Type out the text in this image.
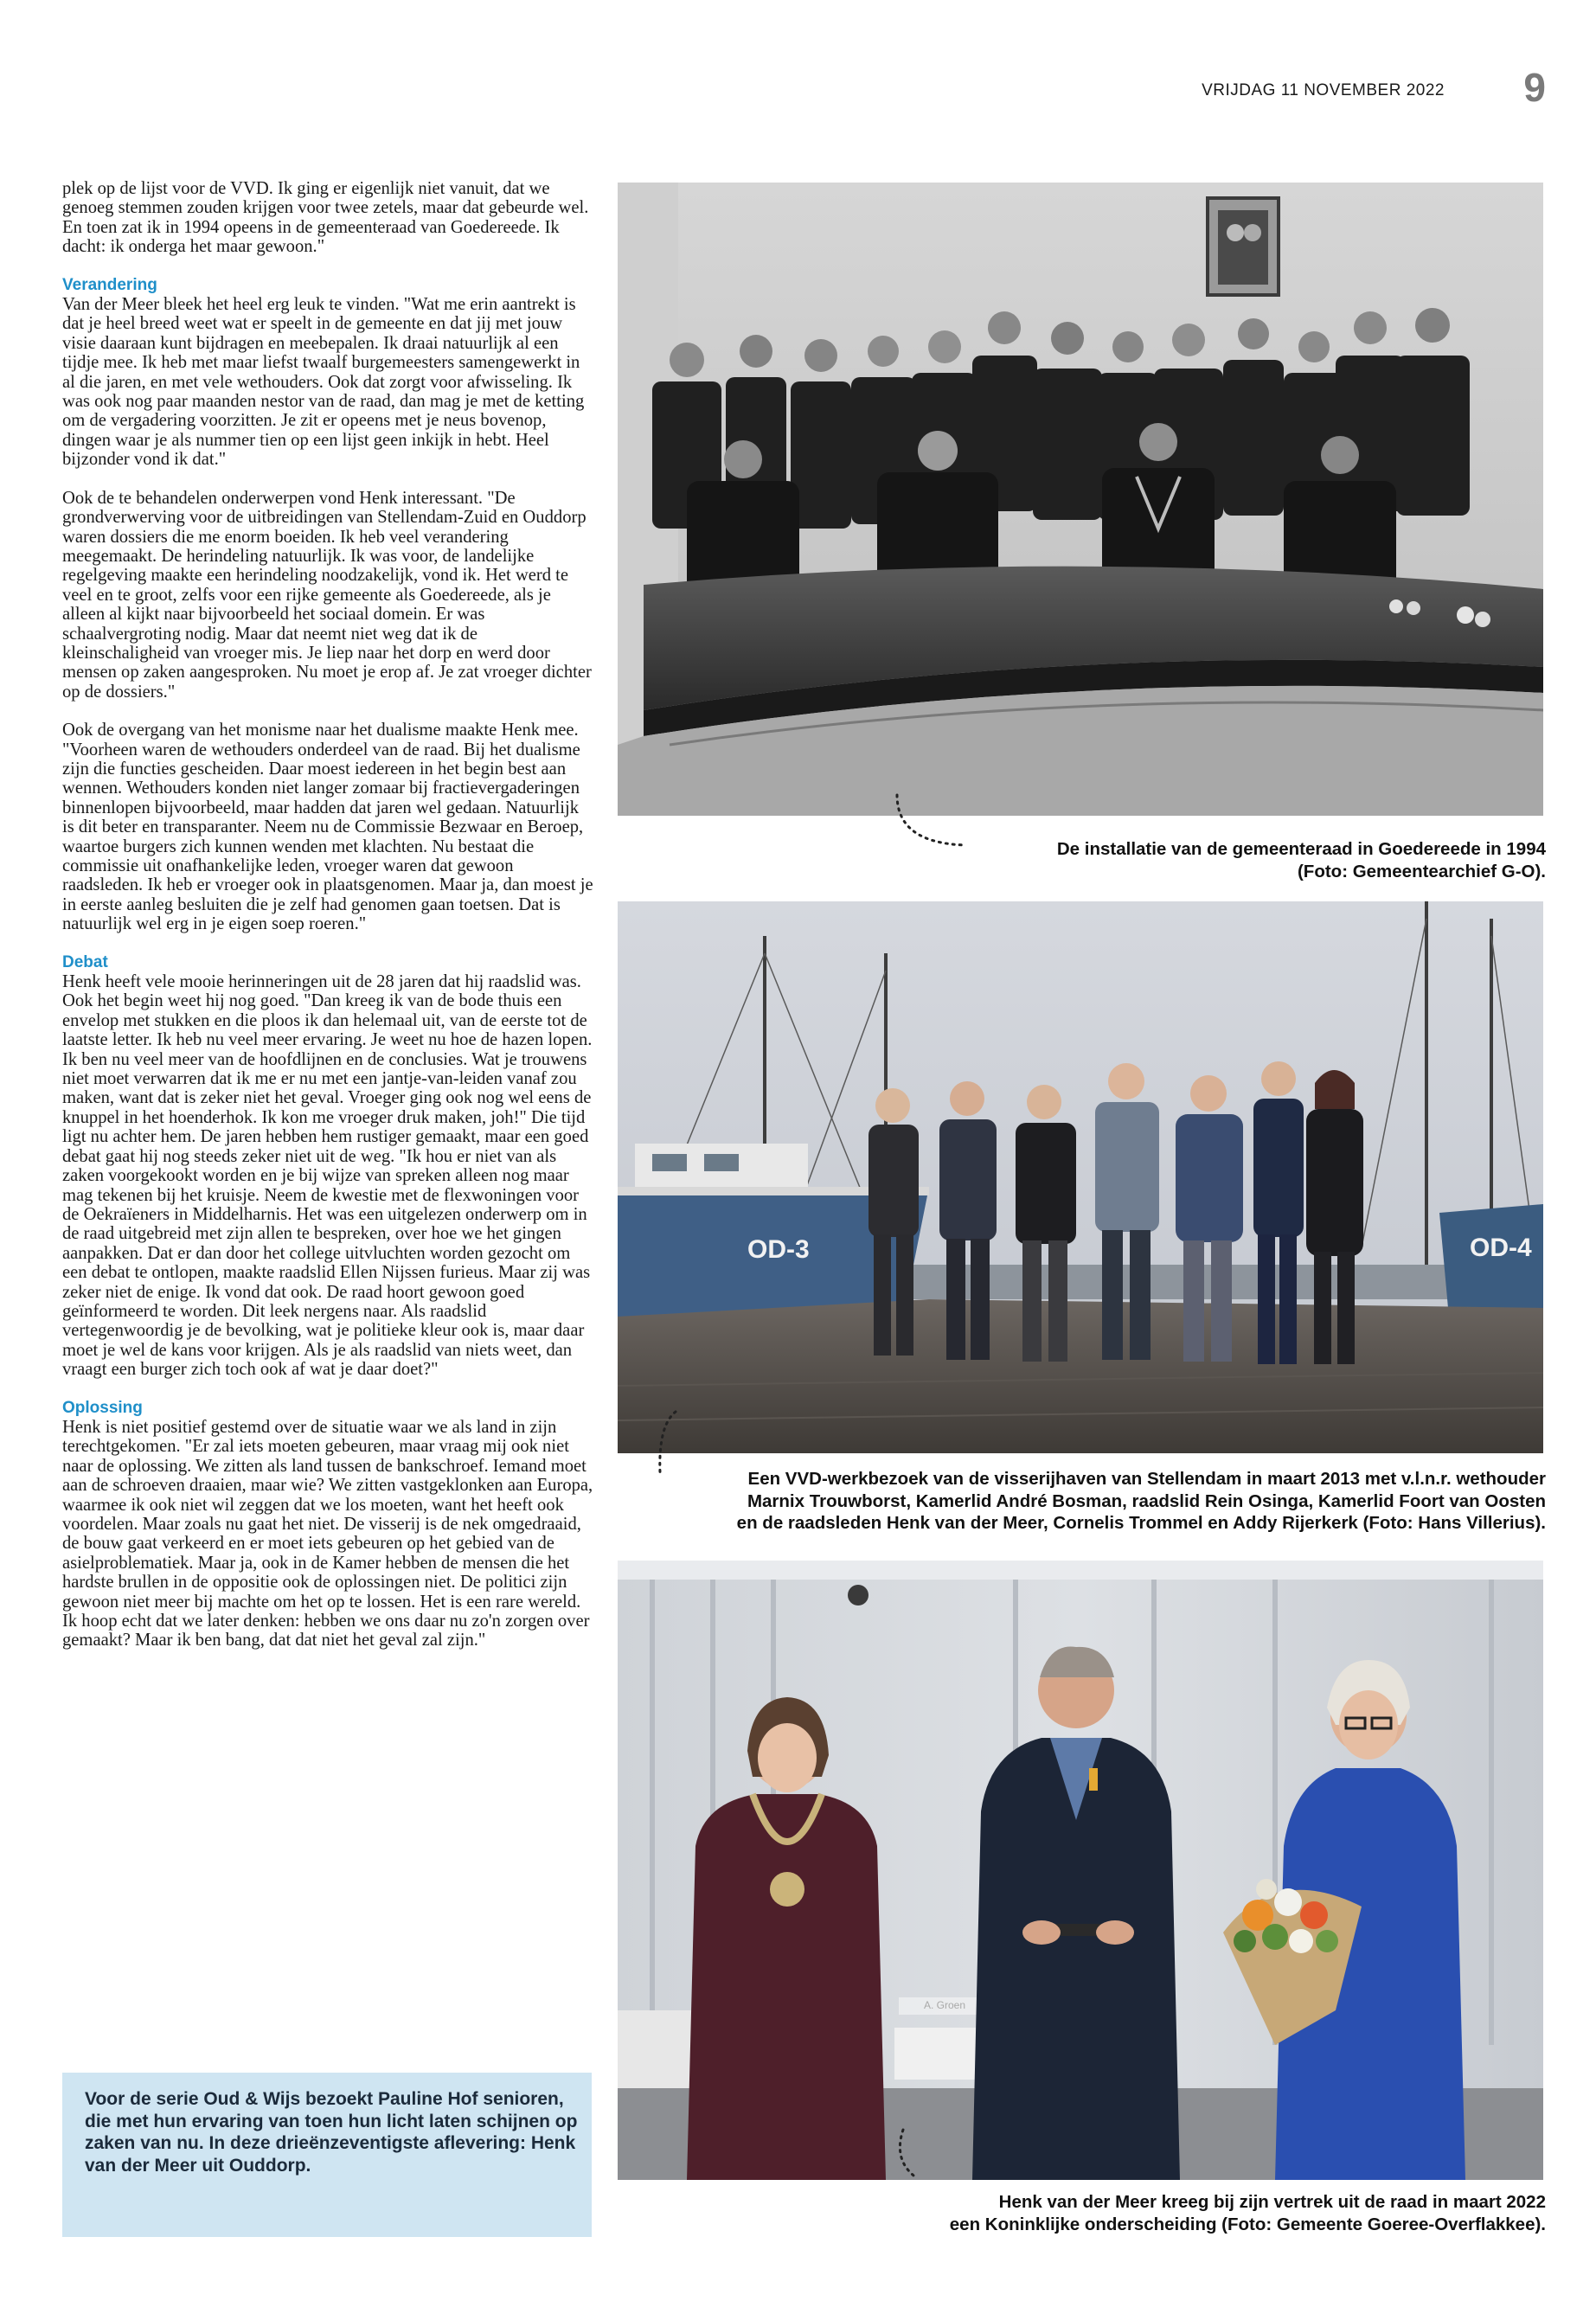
VRIJDAG 11 NOVEMBER 2022 9

plek op de lijst voor de VVD. Ik ging er eigenlijk niet vanuit, dat we genoeg stemmen zouden krijgen voor twee zetels, maar dat gebeurde wel. En toen zat ik in 1994 opeens in de gemeenteraad van Goedereede. Ik dacht: ik onderga het maar gewoon."

Verandering

Van der Meer bleek het heel erg leuk te vinden. "Wat me erin aantrekt is dat je heel breed weet wat er speelt in de gemeente en dat jij met jouw visie daaraan kunt bijdragen en meebepalen. Ik draai natuurlijk al een tijdje mee. Ik heb met maar liefst twaalf burgemeesters samengewerkt in al die jaren, en met vele wethouders. Ook dat zorgt voor afwisseling. Ik was ook nog paar maanden nestor van de raad, dan mag je met de ketting om de vergadering voorzitten. Je zit er opeens met je neus bovenop, dingen waar je als nummer tien op een lijst geen inkijk in hebt. Heel bijzonder vond ik dat."

Ook de te behandelen onderwerpen vond Henk interessant. "De grondverwerving voor de uitbreidingen van Stellendam-Zuid en Ouddorp waren dossiers die me enorm boeiden. Ik heb veel verandering meegemaakt. De herindeling natuurlijk. Ik was voor, de landelijke regelgeving maakte een herindeling noodzakelijk, vond ik. Het werd te veel en te groot, zelfs voor een rijke gemeente als Goedereede, als je alleen al kijkt naar bijvoorbeeld het sociaal domein. Er was schaalvergroting nodig. Maar dat neemt niet weg dat ik de kleinschaligheid van vroeger mis. Je liep naar het dorp en werd door mensen op zaken aangesproken. Nu moet je erop af. Je zat vroeger dichter op de dossiers."

Ook de overgang van het monisme naar het dualisme maakte Henk mee. "Voorheen waren de wethouders onderdeel van de raad. Bij het dualisme zijn die functies gescheiden. Daar moest iedereen in het begin best aan wennen. Wethouders konden niet langer zomaar bij fractievergaderingen binnenlopen bijvoorbeeld, maar hadden dat jaren wel gedaan. Natuurlijk is dit beter en transparanter. Neem nu de Commissie Bezwaar en Beroep, waartoe burgers zich kunnen wenden met klachten. Nu bestaat die commissie uit onafhankelijke leden, vroeger waren dat gewoon raadsleden. Ik heb er vroeger ook in plaatsgenomen. Maar ja, dan moest je in eerste aanleg besluiten die je zelf had genomen gaan toetsen. Dat is natuurlijk wel erg in je eigen soep roeren."

Debat

Henk heeft vele mooie herinneringen uit de 28 jaren dat hij raadslid was. Ook het begin weet hij nog goed. "Dan kreeg ik van de bode thuis een envelop met stukken en die ploos ik dan helemaal uit, van de eerste tot de laatste letter. Ik heb nu veel meer ervaring. Je weet nu hoe de hazen lopen. Ik ben nu veel meer van de hoofdlijnen en de conclusies. Wat je trouwens niet moet verwarren dat ik me er nu met een jantje-van-leiden vanaf zou maken, want dat is zeker niet het geval. Vroeger ging ook nog wel eens de knuppel in het hoenderhok. Ik kon me vroeger druk maken, joh!" Die tijd ligt nu achter hem. De jaren hebben hem rustiger gemaakt, maar een goed debat gaat hij nog steeds zeker niet uit de weg. "Ik hou er niet van als zaken voorgekookt worden en je bij wijze van spreken alleen nog maar mag tekenen bij het kruisje. Neem de kwestie met de flexwoningen voor de Oekraïeners in Middelharnis. Het was een uitgelezen onderwerp om in de raad uitgebreid met zijn allen te bespreken, over hoe we het gingen aanpakken. Dat er dan door het college uitvluchten worden gezocht om een debat te ontlopen, maakte raadslid Ellen Nijssen furieus. Maar zij was zeker niet de enige. Ik vond dat ook. De raad hoort gewoon goed geïnformeerd te worden. Dit leek nergens naar. Als raadslid vertegenwoordig je de bevolking, wat je politieke kleur ook is, maar daar moet je wel de kans voor krijgen. Als je als raadslid van niets weet, dan vraagt een burger zich toch ook af wat je daar doet?"

Oplossing

Henk is niet positief gestemd over de situatie waar we als land in zijn terechtgekomen. "Er zal iets moeten gebeuren, maar vraag mij ook niet naar de oplossing. We zitten als land tussen de bankschroef. Iemand moet aan de schroeven draaien, maar wie? We zitten vastgeklonken aan Europa, waarmee ik ook niet wil zeggen dat we los moeten, want het heeft ook voordelen. Maar zoals nu gaat het niet. De visserij is de nek omgedraaid, de bouw gaat verkeerd en er moet iets gebeuren op het gebied van de asielproblematiek. Maar ja, ook in de Kamer hebben de mensen die het hardste brullen in de oppositie ook de oplossingen niet. De politici zijn gewoon niet meer bij machte om het op te lossen. Het is een rare wereld. Ik hoop echt dat we later denken: hebben we ons daar nu zo'n zorgen over gemaakt? Maar ik ben bang, dat dat niet het geval zal zijn."

Voor de serie Oud & Wijs bezoekt Pauline Hof senioren, die met hun ervaring van toen hun licht laten schijnen op zaken van nu. In deze drieënzeventigste aflevering: Henk van der Meer uit Ouddorp.

De installatie van de gemeenteraad in Goedereede in 1994
(Foto: Gemeentearchief G-O).
OD-3	OD-4
Een VVD-werkbezoek van de visserijhaven van Stellendam in maart 2013 met v.l.n.r. wethouder
Marnix Trouwborst, Kamerlid André Bosman, raadslid Rein Osinga, Kamerlid Foort van Oosten
en de raadsleden Henk van der Meer, Cornelis Trommel en Addy Rijerkerk (Foto: Hans Villerius).
Henk van der Meer kreeg bij zijn vertrek uit de raad in maart 2022
een Koninklijke onderscheiding (Foto: Gemeente Goeree-Overflakkee).
